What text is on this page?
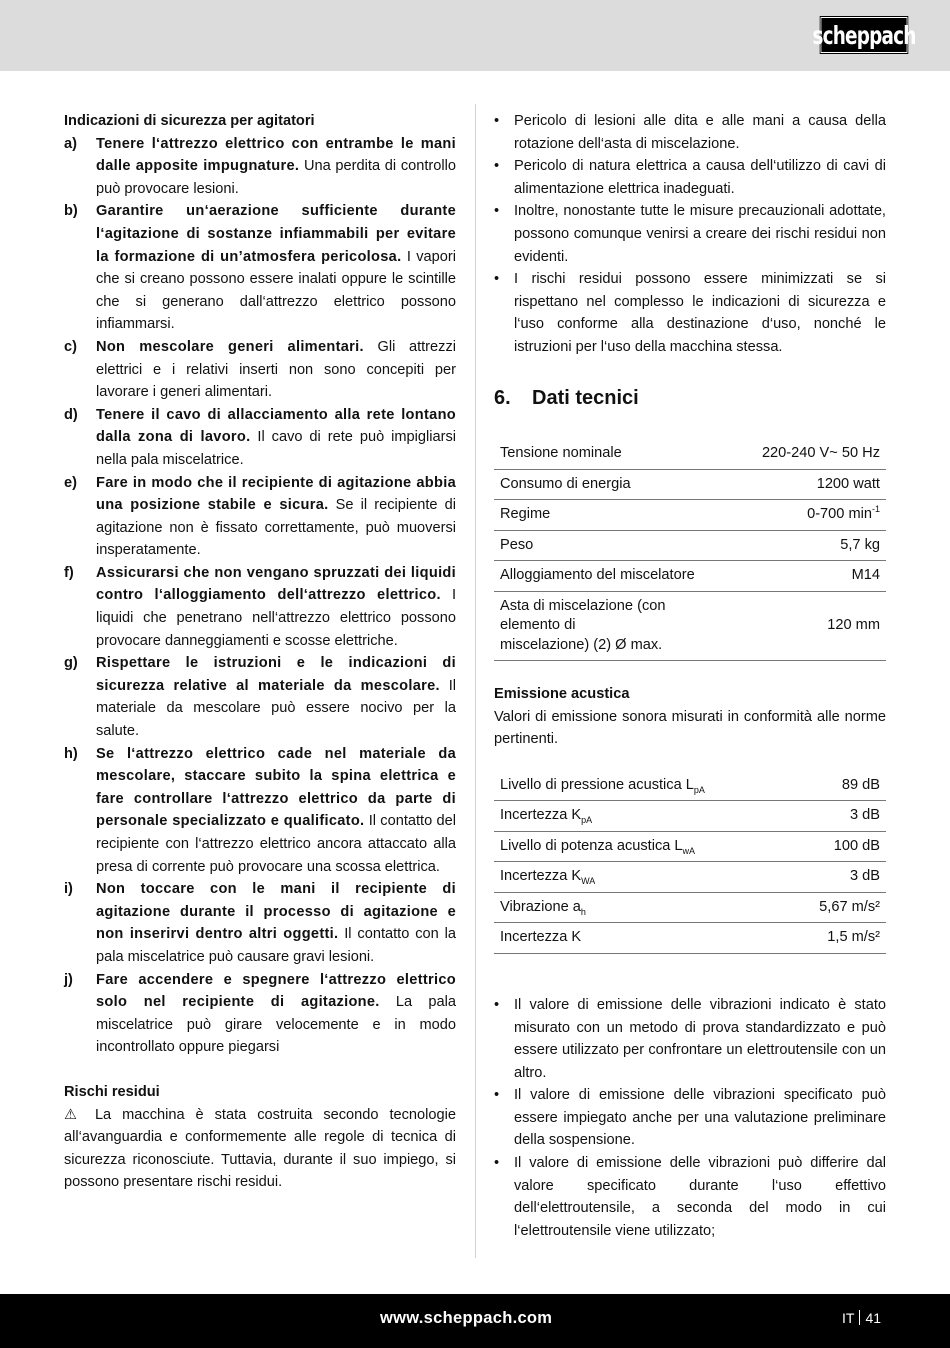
scheppach
Indicazioni di sicurezza per agitatori
a)	Tenere l‘attrezzo elettrico con entrambe le mani dalle apposite impugnature. Una perdita di controllo può provocare lesioni.
b)	Garantire un‘aerazione sufficiente durante l‘agitazione di sostanze infiammabili per evitare la formazione di un’atmosfera pericolosa. I vapori che si creano possono essere inalati oppure le scintille che si generano dall‘attrezzo elettrico possono infiammarsi.
c)	Non mescolare generi alimentari. Gli attrezzi elettrici e i relativi inserti non sono concepiti per lavorare i generi alimentari.
d)	Tenere il cavo di allacciamento alla rete lontano dalla zona di lavoro. Il cavo di rete può impigliarsi nella pala miscelatrice.
e)	Fare in modo che il recipiente di agitazione abbia una posizione stabile e sicura. Se il recipiente di agitazione non è fissato correttamente, può muoversi insperatamente.
f)	Assicurarsi che non vengano spruzzati dei liquidi contro l‘alloggiamento dell‘attrezzo elettrico. I liquidi che penetrano nell‘attrezzo elettrico possono provocare danneggiamenti e scosse elettriche.
g)	Rispettare le istruzioni e le indicazioni di sicurezza relative al materiale da mescolare. Il materiale da mescolare può essere nocivo per la salute.
h)	Se l‘attrezzo elettrico cade nel materiale da mescolare, staccare subito la spina elettrica e fare controllare l‘attrezzo elettrico da parte di personale specializzato e qualificato. Il contatto del recipiente con l‘attrezzo elettrico ancora attaccato alla presa di corrente può provocare una scossa elettrica.
i)	Non toccare con le mani il recipiente di agitazione durante il processo di agitazione e non inserirvi dentro altri oggetti. Il contatto con la pala miscelatrice può causare gravi lesioni.
j)	Fare accendere e spegnere l‘attrezzo elettrico solo nel recipiente di agitazione. La pala miscelatrice può girare velocemente e in modo incontrollato oppure piegarsi
Rischi residui
⚠ La macchina è stata costruita secondo tecnologie all‘avanguardia e conformemente alle regole di tecnica di sicurezza riconosciute. Tuttavia, durante il suo impiego, si possono presentare rischi residui.
•	Pericolo di lesioni alle dita e alle mani a causa della rotazione dell‘asta di miscelazione.
•	Pericolo di natura elettrica a causa dell‘utilizzo di cavi di alimentazione elettrica inadeguati.
•	Inoltre, nonostante tutte le misure precauzionali adottate, possono comunque venirsi a creare dei rischi residui non evidenti.
•	I rischi residui possono essere minimizzati se si rispettano nel complesso le indicazioni di sicurezza e l‘uso conforme alla destinazione d‘uso, nonché le istruzioni per l‘uso della macchina stessa.
6.	Dati tecnici
Tensione nominale	220-240 V~ 50 Hz
Consumo di energia	1200 watt
Regime	0-700 $\min^{-1}$
Peso	5,7 kg
Alloggiamento del miscelatore	M14
Asta di miscelazione (con elemento di miscelazione) (2) Ø max.	120 mm
Emissione acustica
Valori di emissione sonora misurati in conformità alle norme pertinenti.
Livello di pressione acustica $L_{pA}$	89 dB
Incertezza $K_{pA}$	3 dB
Livello di potenza acustica $L_{wA}$	100 dB
Incertezza $K_{WA}$	3 dB
Vibrazione $a_h$	5,67 m/s²
Incertezza K	1,5 m/s²
•	Il valore di emissione delle vibrazioni indicato è stato misurato con un metodo di prova standardizzato e può essere utilizzato per confrontare un elettroutensile con un altro.
•	Il valore di emissione delle vibrazioni specificato può essere impiegato anche per una valutazione preliminare della sospensione.
•	Il valore di emissione delle vibrazioni può differire dal valore specificato durante l‘uso effettivo dell‘elettroutensile, a seconda del modo in cui l‘elettroutensile viene utilizzato;
www.scheppach.com	IT 41
